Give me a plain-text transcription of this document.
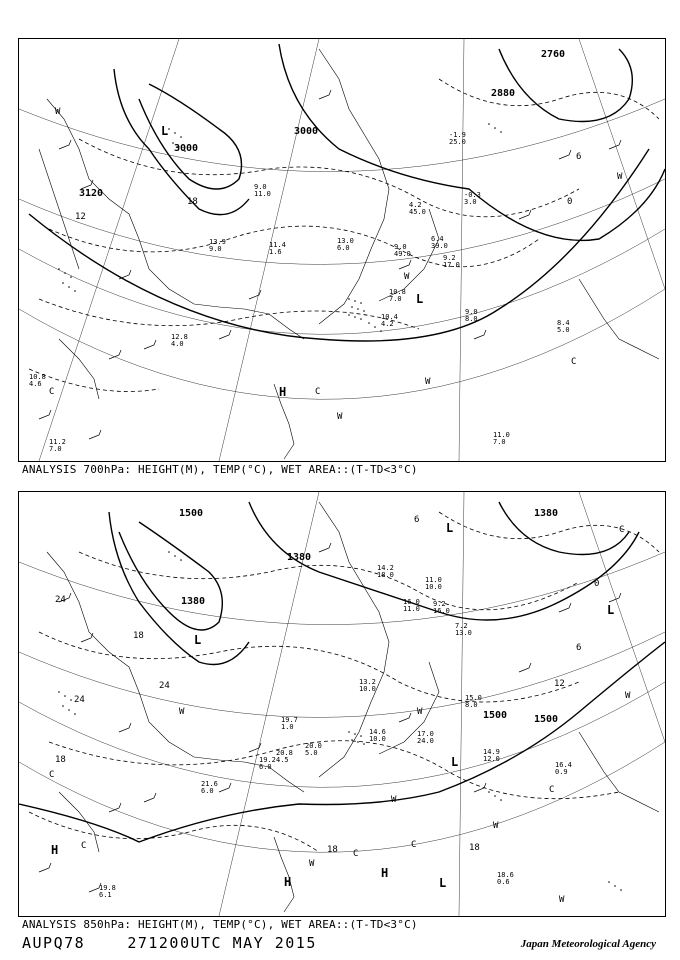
3120
3000
3000
2880
2760
12
18
6
0
L
L
H	C
C
C
W
W
W
W
W
11.0
7.0
9.0
8.0	8.4
5.0
10.8
4.6
12.8
4.0
10.4
4.2
10.8
7.0
9.2
17.0
6.4
39.0
4.2
45.0
13.9
9.0
9.0
11.0
11.4
1.6
13.0
6.0
-1.9
25.0
-0.3
3.0
9.0
49.0
11.2
7.0
ANALYSIS 700hPa: HEIGHT(M), TEMP(°C), WET AREA::(T-TD<3°C)
1500
1380
1380
1500	1500
1380
24
18
24	12
6
18
18
18
0
6
24
L
L
L
L
L
H
H
H
C
C
C
C
C
C
W
W
W
W
W	W
W
19.8
6.1
18.6
0.6
16.4
0.9
14.9
12.0
15.0
8.0
17.0
24.0
14.6
10.0
21.6
6.0
19.7
1.0
20.8
4.5
20.0
5.0
13.2
10.0
16.0
11.0
9.2
16.0
7.2
13.0
14.2
18.0
11.0
10.0
19.2
6.0
ANALYSIS 850hPa: HEIGHT(M), TEMP(°C), WET AREA::(T-TD<3°C)
AUPQ78	271200UTC MAY 2015	Japan Meteorological Agency
